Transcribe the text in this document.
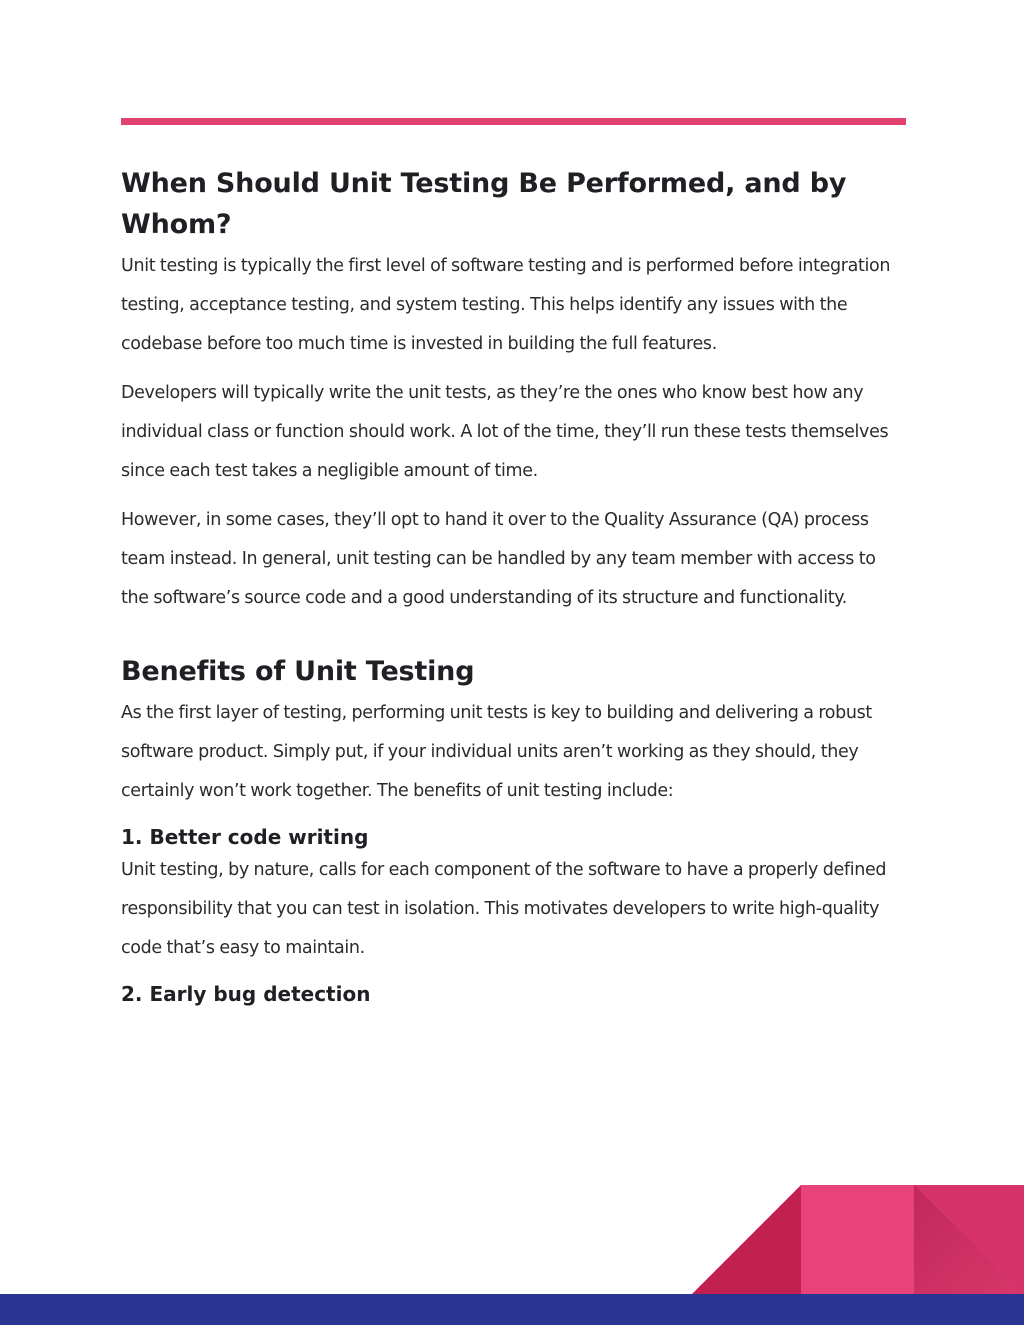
When Should Unit Testing Be Performed, and by Whom?

Unit testing is typically the first level of software testing and is performed before integration testing, acceptance testing, and system testing. This helps identify any issues with the codebase before too much time is invested in building the full features.

Developers will typically write the unit tests, as they’re the ones who know best how any individual class or function should work. A lot of the time, they’ll run these tests themselves since each test takes a negligible amount of time.

However, in some cases, they’ll opt to hand it over to the Quality Assurance (QA) process team instead. In general, unit testing can be handled by any team member with access to the software’s source code and a good understanding of its structure and functionality.

Benefits of Unit Testing

As the first layer of testing, performing unit tests is key to building and delivering a robust software product. Simply put, if your individual units aren’t working as they should, they certainly won’t work together. The benefits of unit testing include:

1. Better code writing

Unit testing, by nature, calls for each component of the software to have a properly defined responsibility that you can test in isolation. This motivates developers to write high-quality code that’s easy to maintain.

2. Early bug detection
